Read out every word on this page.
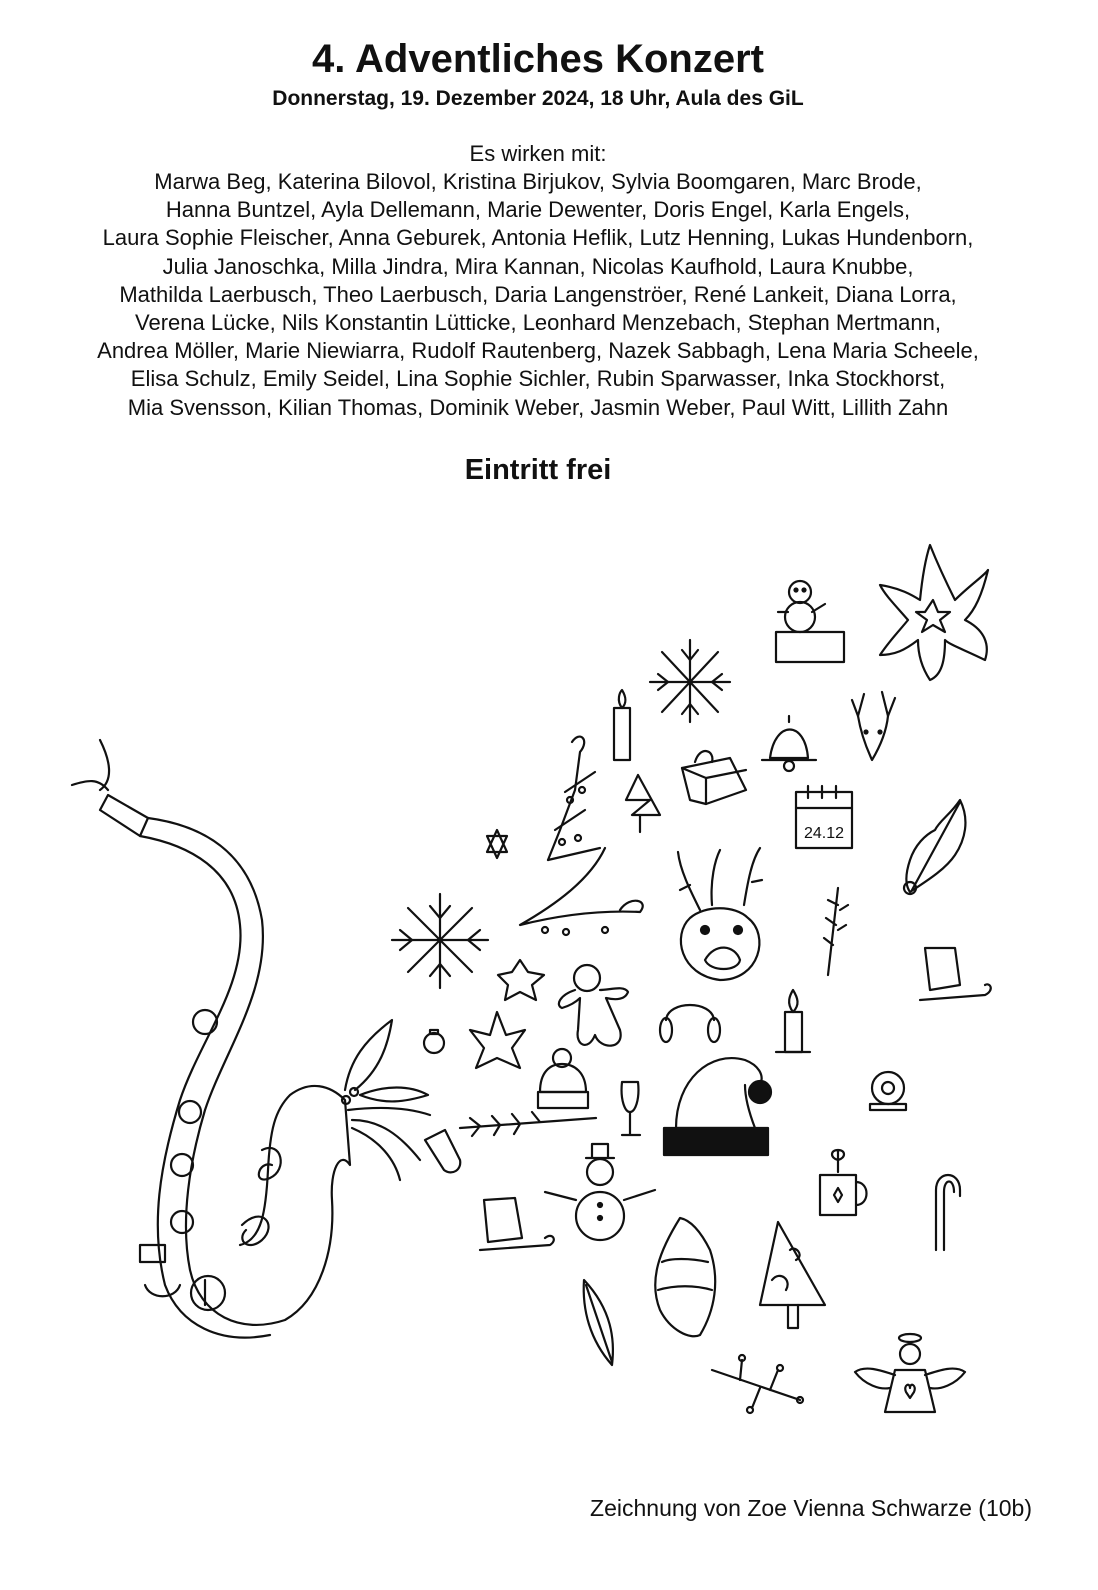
4. Adventliches Konzert
Donnerstag, 19. Dezember 2024, 18 Uhr, Aula des GiL
Es wirken mit:
Marwa Beg, Katerina Bilovol, Kristina Birjukov, Sylvia Boomgaren, Marc Brode,
Hanna Buntzel, Ayla Dellemann, Marie Dewenter, Doris Engel, Karla Engels,
Laura Sophie Fleischer, Anna Geburek, Antonia Heflik, Lutz Henning, Lukas Hundenborn,
Julia Janoschka, Milla Jindra, Mira Kannan, Nicolas Kaufhold, Laura Knubbe,
Mathilda Laerbusch, Theo Laerbusch, Daria Langenströer, René Lankeit, Diana Lorra,
Verena Lücke, Nils Konstantin Lütticke, Leonhard Menzebach, Stephan Mertmann,
Andrea Möller, Marie Niewiarra, Rudolf Rautenberg, Nazek Sabbagh, Lena Maria Scheele,
Elisa Schulz, Emily Seidel, Lina Sophie Sichler, Rubin Sparwasser, Inka Stockhorst,
Mia Svensson, Kilian Thomas, Dominik Weber, Jasmin Weber, Paul Witt, Lillith Zahn
Eintritt frei
24.12
Zeichnung von Zoe Vienna Schwarze (10b)
